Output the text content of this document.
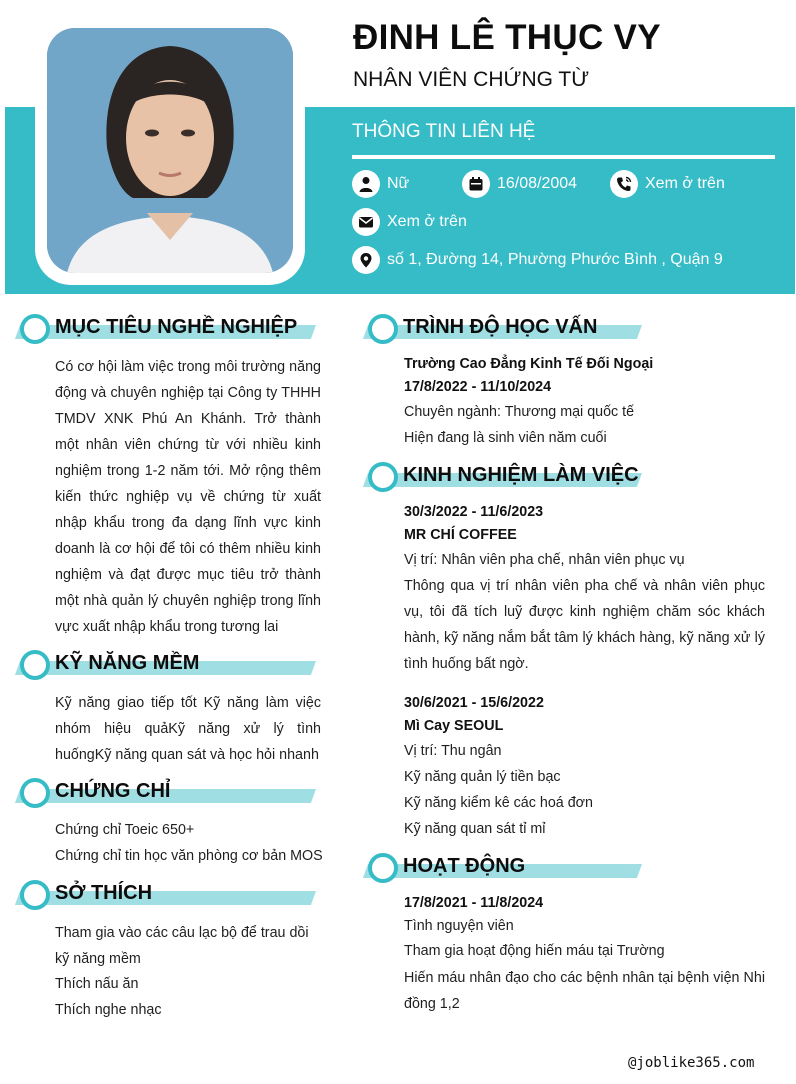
ĐINH LÊ THỤC VY
NHÂN VIÊN CHỨNG TỪ
THÔNG TIN LIÊN HỆ
Nữ	16/08/2004	Xem ở trên
Xem ở trên
số 1, Đường 14, Phường Phước Bình , Quận 9
MỤC TIÊU NGHỀ NGHIỆP
Có cơ hội làm việc trong môi trường năng động và chuyên nghiệp tại Công ty THHH TMDV XNK Phú An Khánh. Trở thành một nhân viên chứng từ với nhiều kinh nghiệm trong 1-2 năm tới. Mở rộng thêm kiến thức nghiệp vụ về chứng từ xuất nhập khẩu trong đa dạng lĩnh vực kinh doanh là cơ hội để tôi có thêm nhiều kinh nghiệm và đạt được mục tiêu trở thành một nhà quản lý chuyên nghiệp trong lĩnh vực xuất nhập khẩu trong tương lai
KỸ NĂNG MỀM
Kỹ năng giao tiếp tốt Kỹ năng làm việc nhóm hiệu quảKỹ năng xử lý tình huốngKỹ năng quan sát và học hỏi nhanh
CHỨNG CHỈ
Chứng chỉ Toeic 650+
Chứng chỉ tin học văn phòng cơ bản MOS
SỞ THÍCH
Tham gia vào các câu lạc bộ để trau dồi kỹ năng mềm
Thích nấu ăn
Thích nghe nhạc
TRÌNH ĐỘ HỌC VẤN
Trường Cao Đẳng Kinh Tế Đối Ngoại
17/8/2022 - 11/10/2024
Chuyên ngành: Thương mại quốc tế
Hiện đang là sinh viên năm cuối
KINH NGHIỆM LÀM VIỆC
30/3/2022 - 11/6/2023
MR CHÍ COFFEE
Vị trí: Nhân viên pha chế, nhân viên phục vụ
Thông qua vị trí nhân viên pha chế và nhân viên phục vụ, tôi đã tích luỹ được kinh nghiệm chăm sóc khách hành, kỹ năng nắm bắt tâm lý khách hàng, kỹ năng xử lý tình huống bất ngờ.
30/6/2021 - 15/6/2022
Mì Cay SEOUL
Vị trí: Thu ngân
Kỹ năng quản lý tiền bạc
Kỹ năng kiểm kê các hoá đơn
Kỹ năng quan sát tỉ mỉ
HOẠT ĐỘNG
17/8/2021 - 11/8/2024
Tình nguyện viên
Tham gia hoạt động hiến máu tại Trường
Hiến máu nhân đạo cho các bệnh nhân tại bệnh viện Nhi đồng 1,2
@joblike365.com
